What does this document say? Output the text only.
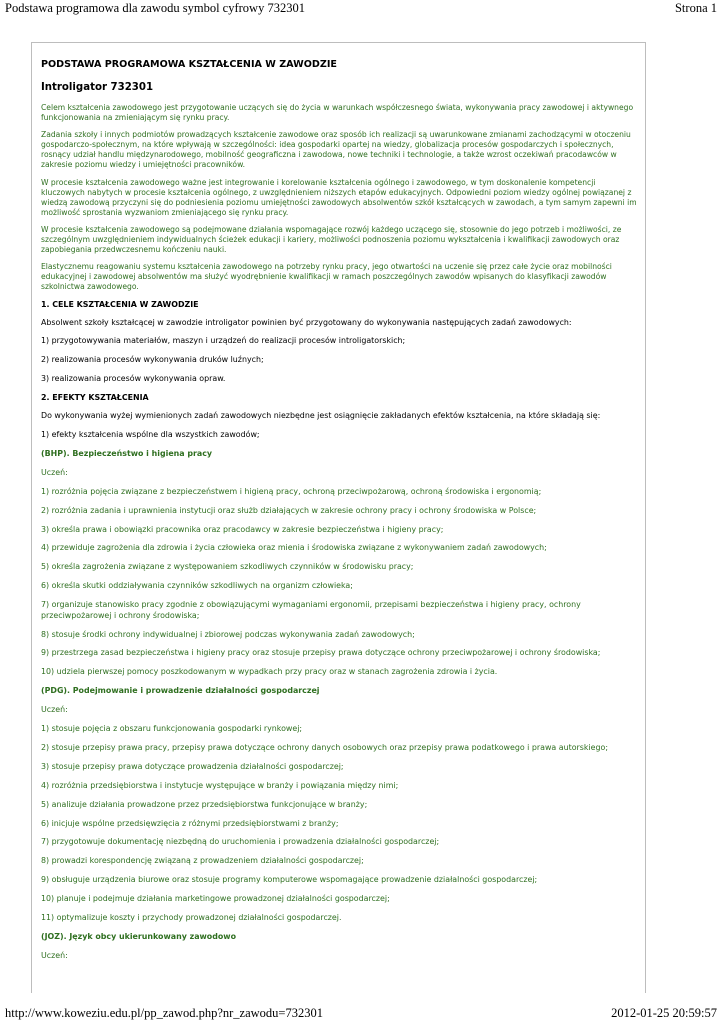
Podstawa programowa dla zawodu symbol cyfrowy 732301	Strona 1
PODSTAWA PROGRAMOWA KSZTAŁCENIA W ZAWODZIE
Introligator 732301

Celem kształcenia zawodowego jest przygotowanie uczących się do życia w warunkach współczesnego świata, wykonywania pracy zawodowej i aktywnego funkcjonowania na zmieniającym się rynku pracy.

Zadania szkoły i innych podmiotów prowadzących kształcenie zawodowe oraz sposób ich realizacji są uwarunkowane zmianami zachodzącymi w otoczeniu gospodarczo-społecznym, na które wpływają w szczególności: idea gospodarki opartej na wiedzy, globalizacja procesów gospodarczych i społecznych, rosnący udział handlu międzynarodowego, mobilność geograficzna i zawodowa, nowe techniki i technologie, a także wzrost oczekiwań pracodawców w zakresie poziomu wiedzy i umiejętności pracowników.

W procesie kształcenia zawodowego ważne jest integrowanie i korelowanie kształcenia ogólnego i zawodowego, w tym doskonalenie kompetencji kluczowych nabytych w procesie kształcenia ogólnego, z uwzględnieniem niższych etapów edukacyjnych. Odpowiedni poziom wiedzy ogólnej powiązanej z wiedzą zawodową przyczyni się do podniesienia poziomu umiejętności zawodowych absolwentów szkół kształcących w zawodach, a tym samym zapewni im możliwość sprostania wyzwaniom zmieniającego się rynku pracy.

W procesie kształcenia zawodowego są podejmowane działania wspomagające rozwój każdego uczącego się, stosownie do jego potrzeb i możliwości, ze szczególnym uwzględnieniem indywidualnych ścieżek edukacji i kariery, możliwości podnoszenia poziomu wykształcenia i kwalifikacji zawodowych oraz zapobiegania przedwczesnemu kończeniu nauki.

Elastycznemu reagowaniu systemu kształcenia zawodowego na potrzeby rynku pracy, jego otwartości na uczenie się przez całe życie oraz mobilności edukacyjnej i zawodowej absolwentów ma służyć wyodrębnienie kwalifikacji w ramach poszczególnych zawodów wpisanych do klasyfikacji zawodów szkolnictwa zawodowego.

1. CELE KSZTAŁCENIA W ZAWODZIE

Absolwent szkoły kształcącej w zawodzie introligator powinien być przygotowany do wykonywania następujących zadań zawodowych:

1) przygotowywania materiałów, maszyn i urządzeń do realizacji procesów introligatorskich;

2) realizowania procesów wykonywania druków luźnych;

3) realizowania procesów wykonywania opraw.

2. EFEKTY KSZTAŁCENIA

Do wykonywania wyżej wymienionych zadań zawodowych niezbędne jest osiągnięcie zakładanych efektów kształcenia, na które składają się:

1) efekty kształcenia wspólne dla wszystkich zawodów;

(BHP). Bezpieczeństwo i higiena pracy

Uczeń:

1) rozróżnia pojęcia związane z bezpieczeństwem i higieną pracy, ochroną przeciwpożarową, ochroną środowiska i ergonomią;

2) rozróżnia zadania i uprawnienia instytucji oraz służb działających w zakresie ochrony pracy i ochrony środowiska w Polsce;

3) określa prawa i obowiązki pracownika oraz pracodawcy w zakresie bezpieczeństwa i higieny pracy;

4) przewiduje zagrożenia dla zdrowia i życia człowieka oraz mienia i środowiska związane z wykonywaniem zadań zawodowych;

5) określa zagrożenia związane z występowaniem szkodliwych czynników w środowisku pracy;

6) określa skutki oddziaływania czynników szkodliwych na organizm człowieka;

7) organizuje stanowisko pracy zgodnie z obowiązującymi wymaganiami ergonomii, przepisami bezpieczeństwa i higieny pracy, ochrony przeciwpożarowej i ochrony środowiska;

8) stosuje środki ochrony indywidualnej i zbiorowej podczas wykonywania zadań zawodowych;

9) przestrzega zasad bezpieczeństwa i higieny pracy oraz stosuje przepisy prawa dotyczące ochrony przeciwpożarowej i ochrony środowiska;

10) udziela pierwszej pomocy poszkodowanym w wypadkach przy pracy oraz w stanach zagrożenia zdrowia i życia.

(PDG). Podejmowanie i prowadzenie działalności gospodarczej

Uczeń:

1) stosuje pojęcia z obszaru funkcjonowania gospodarki rynkowej;

2) stosuje przepisy prawa pracy, przepisy prawa dotyczące ochrony danych osobowych oraz przepisy prawa podatkowego i prawa autorskiego;

3) stosuje przepisy prawa dotyczące prowadzenia działalności gospodarczej;

4) rozróżnia przedsiębiorstwa i instytucje występujące w branży i powiązania między nimi;

5) analizuje działania prowadzone przez przedsiębiorstwa funkcjonujące w branży;

6) inicjuje wspólne przedsięwzięcia z różnymi przedsiębiorstwami z branży;

7) przygotowuje dokumentację niezbędną do uruchomienia i prowadzenia działalności gospodarczej;

8) prowadzi korespondencję związaną z prowadzeniem działalności gospodarczej;

9) obsługuje urządzenia biurowe oraz stosuje programy komputerowe wspomagające prowadzenie działalności gospodarczej;

10) planuje i podejmuje działania marketingowe prowadzonej działalności gospodarczej;

11) optymalizuje koszty i przychody prowadzonej działalności gospodarczej.

(JOZ). Język obcy ukierunkowany zawodowo

Uczeń:

http://www.koweziu.edu.pl/pp_zawod.php?nr_zawodu=732301	2012-01-25 20:59:57
